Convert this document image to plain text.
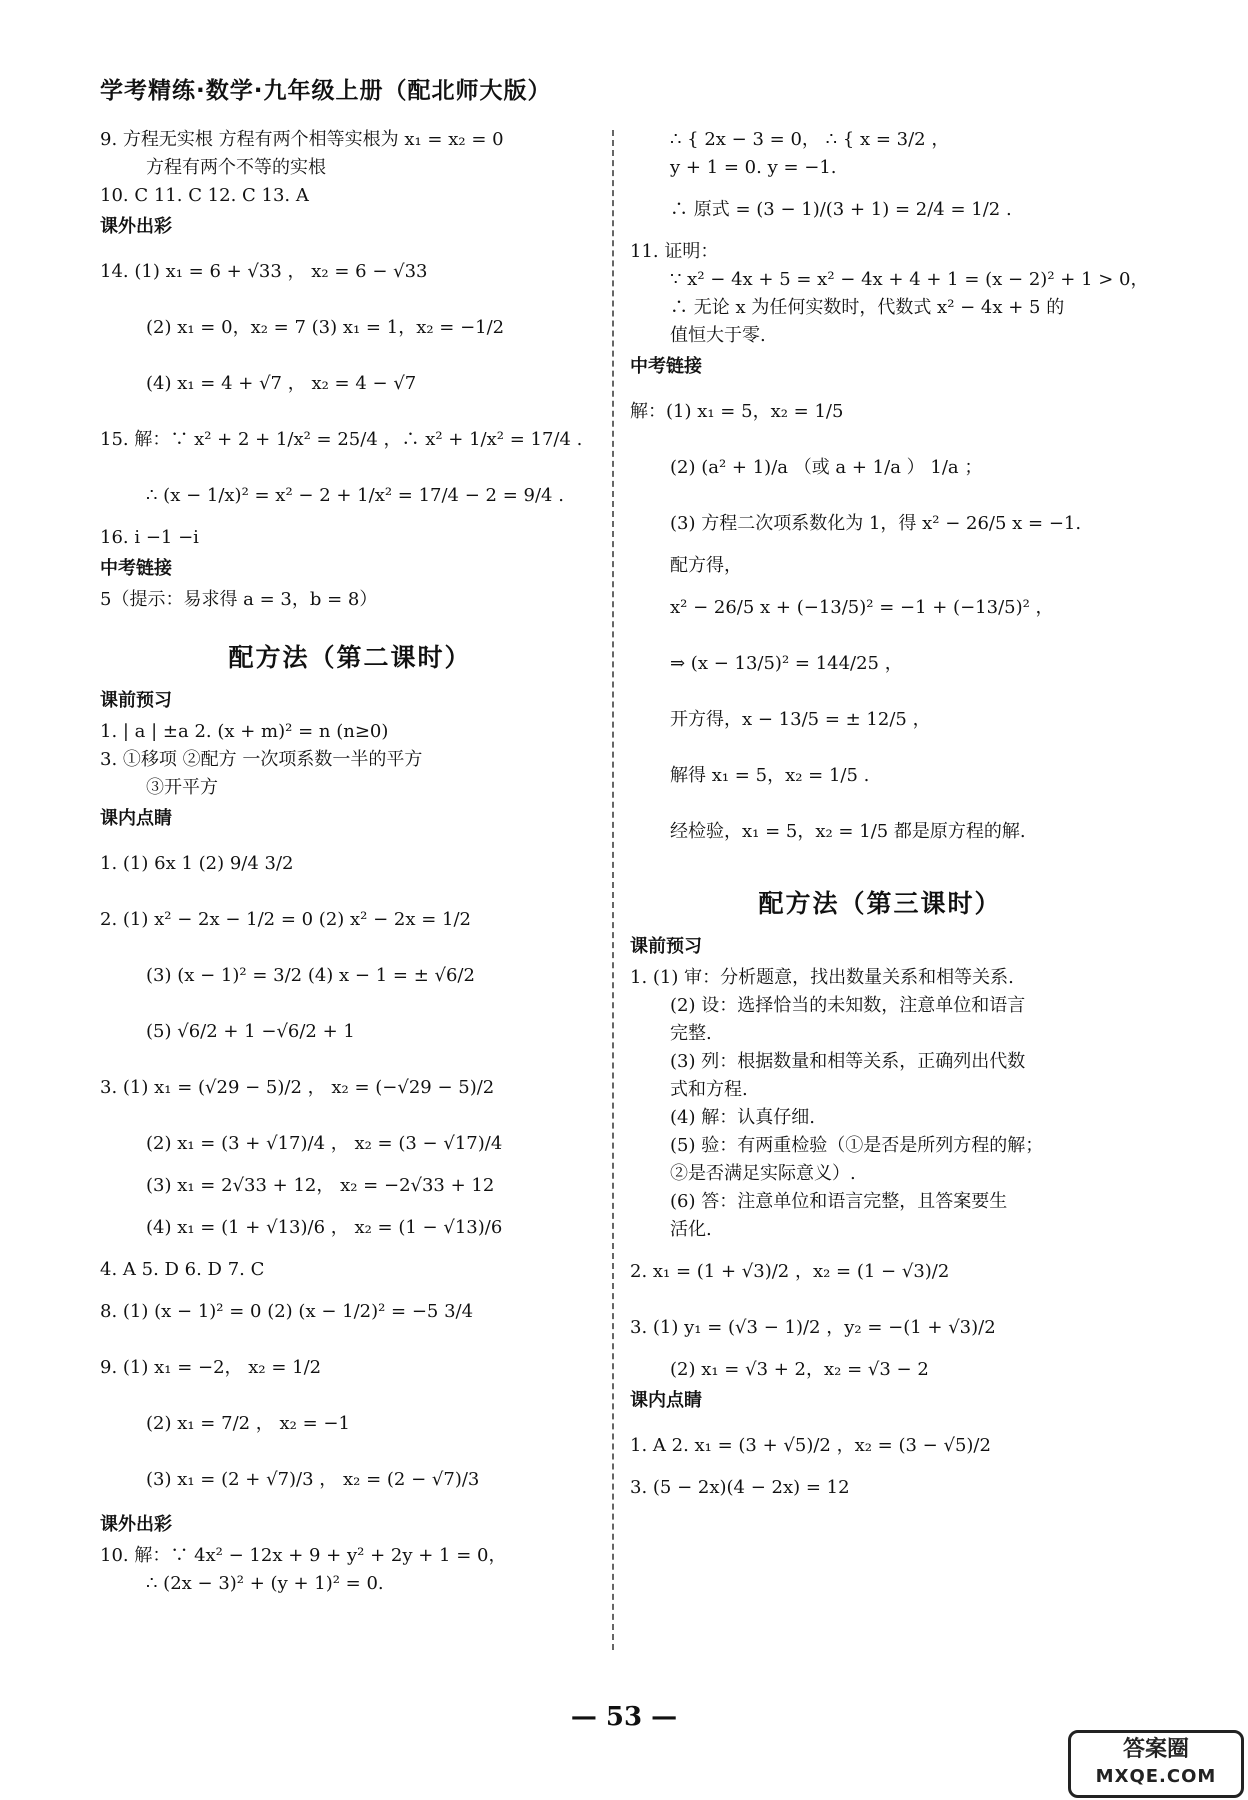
学考精练·数学·九年级上册（配北师大版）
9. 方程无实根 方程有两个相等实根为 x₁ = x₂ = 0
方程有两个不等的实根
10. C 11. C 12. C 13. A
课外出彩
14. (1) x₁ = 6 + √33 ， x₂ = 6 − √33
(2) x₁ = 0，x₂ = 7 (3) x₁ = 1，x₂ = −1/2
(4) x₁ = 4 + √7 ， x₂ = 4 − √7
15. 解：∵ x² + 2 + 1/x² = 25/4 ，∴ x² + 1/x² = 17/4 .
∴ (x − 1/x)² = x² − 2 + 1/x² = 17/4 − 2 = 9/4 .
16. i −1 −i
中考链接
5（提示：易求得 a = 3，b = 8）
配方法（第二课时）
课前预习
1. | a | ±a 2. (x + m)² = n (n≥0)
3. ①移项 ②配方 一次项系数一半的平方
③开平方
课内点睛
1. (1) 6x 1 (2) 9/4 3/2
2. (1) x² − 2x − 1/2 = 0 (2) x² − 2x = 1/2
(3) (x − 1)² = 3/2 (4) x − 1 = ± √6/2
(5) √6/2 + 1 −√6/2 + 1
3. (1) x₁ = (√29 − 5)/2 ， x₂ = (−√29 − 5)/2
(2) x₁ = (3 + √17)/4 ， x₂ = (3 − √17)/4
(3) x₁ = 2√33 + 12， x₂ = −2√33 + 12
(4) x₁ = (1 + √13)/6 ， x₂ = (1 − √13)/6
4. A 5. D 6. D 7. C
8. (1) (x − 1)² = 0 (2) (x − 1/2)² = −5 3/4
9. (1) x₁ = −2， x₂ = 1/2
(2) x₁ = 7/2 ， x₂ = −1
(3) x₁ = (2 + √7)/3 ， x₂ = (2 − √7)/3
课外出彩
10. 解：∵ 4x² − 12x + 9 + y² + 2y + 1 = 0，
∴ (2x − 3)² + (y + 1)² = 0.
∴ { 2x − 3 = 0， ∴ { x = 3/2 ，
y + 1 = 0. y = −1.
∴ 原式 = (3 − 1)/(3 + 1) = 2/4 = 1/2 .
11. 证明：
∵ x² − 4x + 5 = x² − 4x + 4 + 1 = (x − 2)² + 1 > 0，
∴ 无论 x 为任何实数时，代数式 x² − 4x + 5 的
值恒大于零.
中考链接
解：(1) x₁ = 5，x₂ = 1/5
(2) (a² + 1)/a （或 a + 1/a ） 1/a ；
(3) 方程二次项系数化为 1，得 x² − 26/5 x = −1.
配方得，
x² − 26/5 x + (−13/5)² = −1 + (−13/5)² ，
⇒ (x − 13/5)² = 144/25 ，
开方得，x − 13/5 = ± 12/5 ，
解得 x₁ = 5，x₂ = 1/5 .
经检验，x₁ = 5，x₂ = 1/5 都是原方程的解.
配方法（第三课时）
课前预习
1. (1) 审：分析题意，找出数量关系和相等关系.
(2) 设：选择恰当的未知数，注意单位和语言
完整.
(3) 列：根据数量和相等关系，正确列出代数
式和方程.
(4) 解：认真仔细.
(5) 验：有两重检验（①是否是所列方程的解；
②是否满足实际意义）.
(6) 答：注意单位和语言完整，且答案要生
活化.
2. x₁ = (1 + √3)/2 ，x₂ = (1 − √3)/2
3. (1) y₁ = (√3 − 1)/2 ，y₂ = −(1 + √3)/2
(2) x₁ = √3 + 2，x₂ = √3 − 2
课内点睛
1. A 2. x₁ = (3 + √5)/2 ，x₂ = (3 − √5)/2
3. (5 − 2x)(4 − 2x) = 12
— 53 —
答案圈
MXQE.COM
